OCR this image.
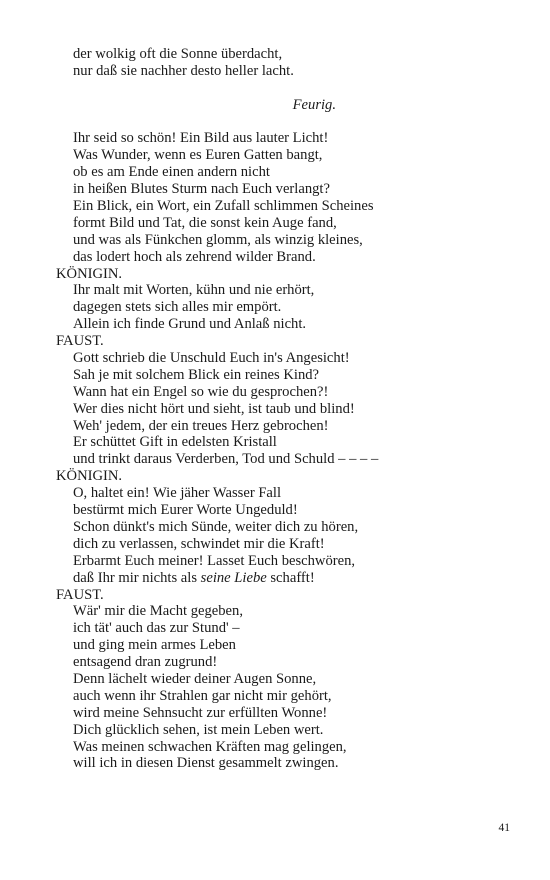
der wolkig oft die Sonne überdacht,
nur daß sie nachher desto heller lacht.
Feurig.
Ihr seid so schön! Ein Bild aus lauter Licht!
Was Wunder, wenn es Euren Gatten bangt,
ob es am Ende einen andern nicht
in heißen Blutes Sturm nach Euch verlangt?
Ein Blick, ein Wort, ein Zufall schlimmen Scheines
formt Bild und Tat, die sonst kein Auge fand,
und was als Fünkchen glomm, als winzig kleines,
das lodert hoch als zehrend wilder Brand.
KÖNIGIN.
Ihr malt mit Worten, kühn und nie erhört,
dagegen stets sich alles mir empört.
Allein ich finde Grund und Anlaß nicht.
FAUST.
Gott schrieb die Unschuld Euch in's Angesicht!
Sah je mit solchem Blick ein reines Kind?
Wann hat ein Engel so wie du gesprochen?!
Wer dies nicht hört und sieht, ist taub und blind!
Weh' jedem, der ein treues Herz gebrochen!
Er schüttet Gift in edelsten Kristall
und trinkt daraus Verderben, Tod und Schuld – – – –
KÖNIGIN.
O, haltet ein! Wie jäher Wasser Fall
bestürmt mich Eurer Worte Ungeduld!
Schon dünkt's mich Sünde, weiter dich zu hören,
dich zu verlassen, schwindet mir die Kraft!
Erbarmt Euch meiner! Lasset Euch beschwören,
daß Ihr mir nichts als seine Liebe schafft!
FAUST.
Wär' mir die Macht gegeben,
ich tät' auch das zur Stund' –
und ging mein armes Leben
entsagend dran zugrund!
Denn lächelt wieder deiner Augen Sonne,
auch wenn ihr Strahlen gar nicht mir gehört,
wird meine Sehnsucht zur erfüllten Wonne!
Dich glücklich sehen, ist mein Leben wert.
Was meinen schwachen Kräften mag gelingen,
will ich in diesen Dienst gesammelt zwingen.
41
